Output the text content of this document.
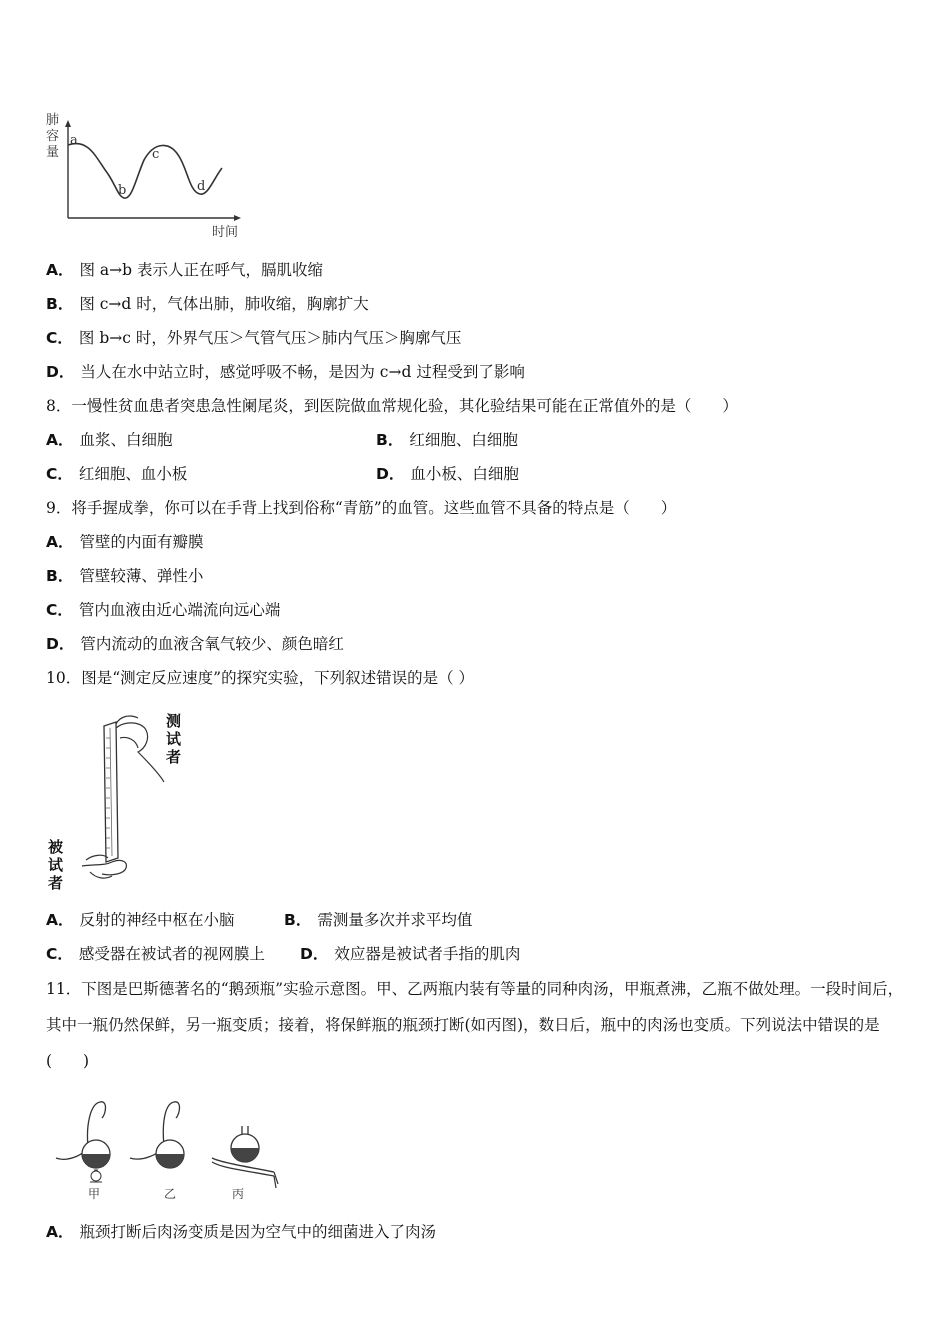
肺
容
量
a
b
c
d
时间
A． 图 a→b 表示人正在呼气，膈肌收缩
B． 图 c→d 时，气体出肺，肺收缩，胸廓扩大
C． 图 b→c 时，外界气压＞气管气压＞肺内气压＞胸廓气压
D． 当人在水中站立时，感觉呼吸不畅，是因为 c→d 过程受到了影响
8．一慢性贫血患者突患急性阑尾炎，到医院做血常规化验，其化验结果可能在正常值外的是（　　）
A． 血浆、白细胞	B． 红细胞、白细胞
C． 红细胞、血小板	D． 血小板、白细胞
9．将手握成拳，你可以在手背上找到俗称“青筋”的血管。这些血管不具备的特点是（　　）
A． 管壁的内面有瓣膜
B． 管壁较薄、弹性小
C． 管内血液由近心端流向远心端
D． 管内流动的血液含氧气较少、颜色暗红
10．图是“测定反应速度”的探究实验，下列叙述错误的是（ ）
测
试
者
被
试
者
A． 反射的神经中枢在小脑	B． 需测量多次并求平均值
C． 感受器在被试者的视网膜上 D． 效应器是被试者手指的肌肉
11．下图是巴斯德著名的“鹅颈瓶”实验示意图。甲、乙两瓶内装有等量的同种肉汤，甲瓶煮沸，乙瓶不做处理。一段时间后，其中一瓶仍然保鲜，另一瓶变质；接着，将保鲜瓶的瓶颈打断(如丙图)，数日后，瓶中的肉汤也变质。下列说法中错误的是(　　)
甲	乙	丙
A． 瓶颈打断后肉汤变质是因为空气中的细菌进入了肉汤
